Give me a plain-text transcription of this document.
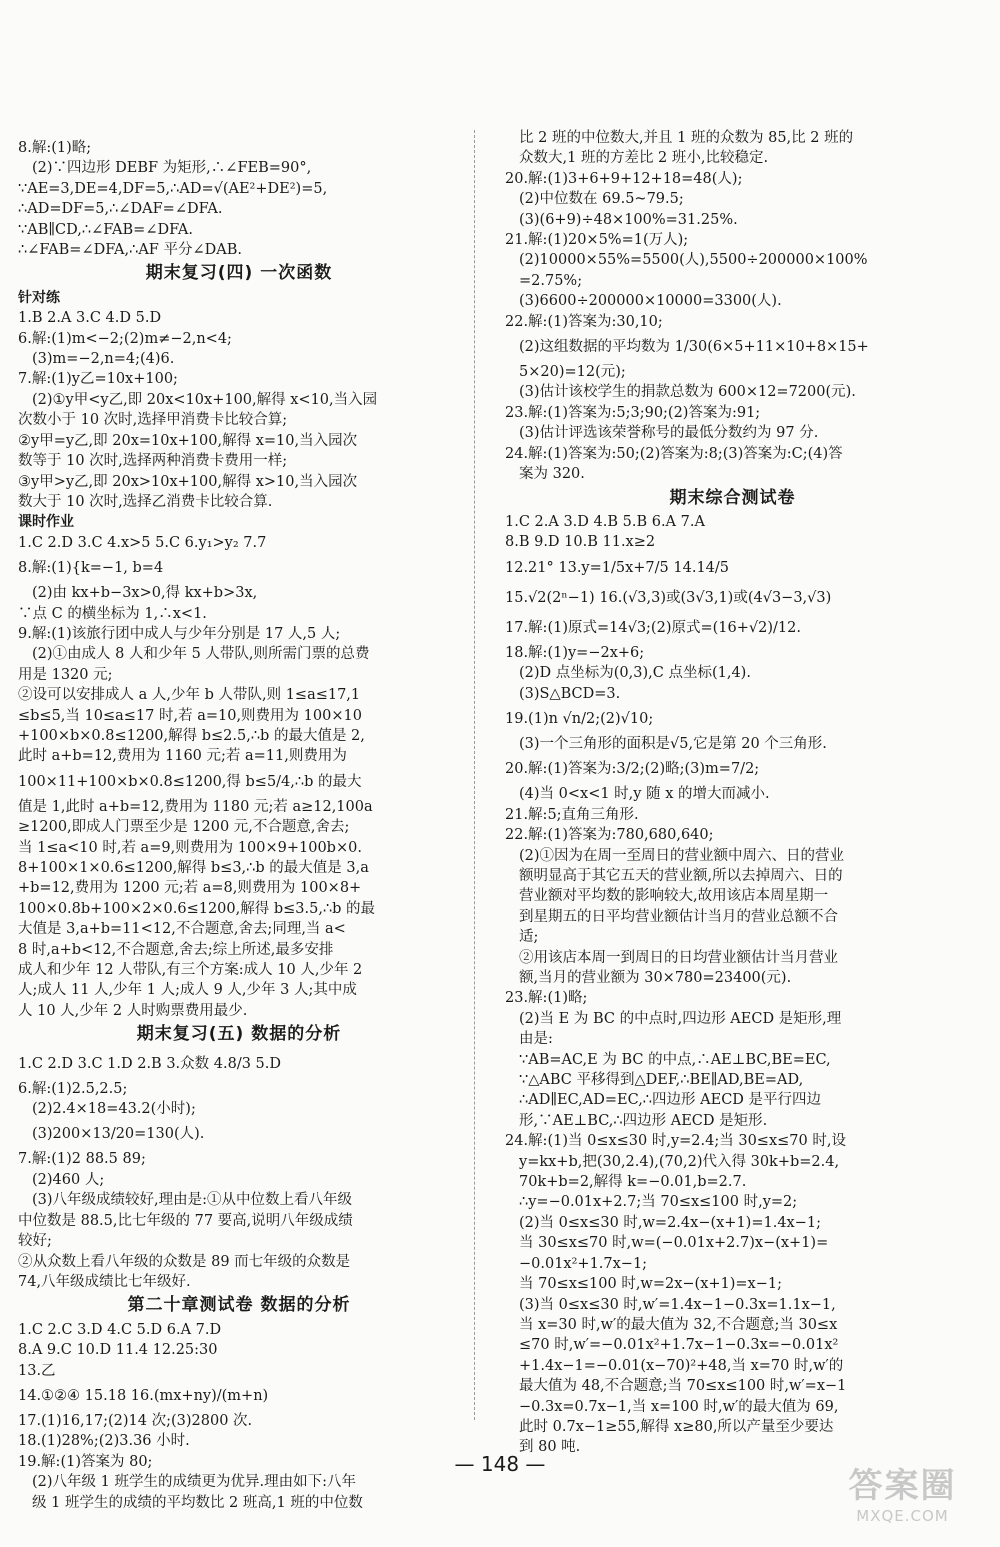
8.解:(1)略;
(2)∵四边形 DEBF 为矩形,∴∠FEB=90°,
∵AE=3,DE=4,DF=5,∴AD=√(AE²+DE²)=5,
∴AD=DF=5,∴∠DAF=∠DFA.
∵AB∥CD,∴∠FAB=∠DFA.
∴∠FAB=∠DFA,∴AF 平分∠DAB.
期末复习(四) 一次函数
针对练
1.B 2.A 3.C 4.D 5.D
6.解:(1)m<−2;(2)m≠−2,n<4;
(3)m=−2,n=4;(4)6.
7.解:(1)y乙=10x+100;
(2)①y甲<y乙,即 20x<10x+100,解得 x<10,当入园
次数小于 10 次时,选择甲消费卡比较合算;
②y甲=y乙,即 20x=10x+100,解得 x=10,当入园次
数等于 10 次时,选择两种消费卡费用一样;
③y甲>y乙,即 20x>10x+100,解得 x>10,当入园次
数大于 10 次时,选择乙消费卡比较合算.
课时作业
1.C 2.D 3.C 4.x>5 5.C 6.y₁>y₂ 7.7
8.解:(1){k=−1, b=4
(2)由 kx+b−3x>0,得 kx+b>3x,
∵点 C 的横坐标为 1,∴x<1.
9.解:(1)该旅行团中成人与少年分别是 17 人,5 人;
(2)①由成人 8 人和少年 5 人带队,则所需门票的总费
用是 1320 元;
②设可以安排成人 a 人,少年 b 人带队,则 1≤a≤17,1
≤b≤5,当 10≤a≤17 时,若 a=10,则费用为 100×10
+100×b×0.8≤1200,解得 b≤2.5,∴b 的最大值是 2,
此时 a+b=12,费用为 1160 元;若 a=11,则费用为
100×11+100×b×0.8≤1200,得 b≤5/4,∴b 的最大
值是 1,此时 a+b=12,费用为 1180 元;若 a≥12,100a
≥1200,即成人门票至少是 1200 元,不合题意,舍去;
当 1≤a<10 时,若 a=9,则费用为 100×9+100b×0.
8+100×1×0.6≤1200,解得 b≤3,∴b 的最大值是 3,a
+b=12,费用为 1200 元;若 a=8,则费用为 100×8+
100×0.8b+100×2×0.6≤1200,解得 b≤3.5,∴b 的最
大值是 3,a+b=11<12,不合题意,舍去;同理,当 a<
8 时,a+b<12,不合题意,舍去;综上所述,最多安排
成人和少年 12 人带队,有三个方案:成人 10 人,少年 2
人;成人 11 人,少年 1 人;成人 9 人,少年 3 人;其中成
人 10 人,少年 2 人时购票费用最少.
期末复习(五) 数据的分析
1.C 2.D 3.C 1.D 2.B 3.众数 4.8/3 5.D
6.解:(1)2.5,2.5;
(2)2.4×18=43.2(小时);
(3)200×13/20=130(人).
7.解:(1)2 88.5 89;
(2)460 人;
(3)八年级成绩较好,理由是:①从中位数上看八年级
中位数是 88.5,比七年级的 77 要高,说明八年级成绩
较好;
②从众数上看八年级的众数是 89 而七年级的众数是
74,八年级成绩比七年级好.
第二十章测试卷 数据的分析
1.C 2.C 3.D 4.C 5.D 6.A 7.D
8.A 9.C 10.D 11.4 12.25:30
13.乙
14.①②④ 15.18 16.(mx+ny)/(m+n)
17.(1)16,17;(2)14 次;(3)2800 次.
18.(1)28%;(2)3.36 小时.
19.解:(1)答案为 80;
(2)八年级 1 班学生的成绩更为优异.理由如下:八年
级 1 班学生的成绩的平均数比 2 班高,1 班的中位数
比 2 班的中位数大,并且 1 班的众数为 85,比 2 班的
众数大,1 班的方差比 2 班小,比较稳定.
20.解:(1)3+6+9+12+18=48(人);
(2)中位数在 69.5~79.5;
(3)(6+9)÷48×100%=31.25%.
21.解:(1)20×5%=1(万人);
(2)10000×55%=5500(人),5500÷200000×100%
=2.75%;
(3)6600÷200000×10000=3300(人).
22.解:(1)答案为:30,10;
(2)这组数据的平均数为 1/30(6×5+11×10+8×15+
5×20)=12(元);
(3)估计该校学生的捐款总数为 600×12=7200(元).
23.解:(1)答案为:5;3;90;(2)答案为:91;
(3)估计评选该荣誉称号的最低分数约为 97 分.
24.解:(1)答案为:50;(2)答案为:8;(3)答案为:C;(4)答
案为 320.
期末综合测试卷
1.C 2.A 3.D 4.B 5.B 6.A 7.A
8.B 9.D 10.B 11.x≥2
12.21° 13.y=1/5x+7/5 14.14/5
15.√2(2ⁿ−1) 16.(√3,3)或(3√3,1)或(4√3−3,√3)
17.解:(1)原式=14√3;(2)原式=(16+√2)/12.
18.解:(1)y=−2x+6;
(2)D 点坐标为(0,3),C 点坐标(1,4).
(3)S△BCD=3.
19.(1)n √n/2;(2)√10;
(3)一个三角形的面积是√5,它是第 20 个三角形.
20.解:(1)答案为:3/2;(2)略;(3)m=7/2;
(4)当 0<x<1 时,y 随 x 的增大而减小.
21.解:5;直角三角形.
22.解:(1)答案为:780,680,640;
(2)①因为在周一至周日的营业额中周六、日的营业
额明显高于其它五天的营业额,所以去掉周六、日的
营业额对平均数的影响较大,故用该店本周星期一
到星期五的日平均营业额估计当月的营业总额不合
适;
②用该店本周一到周日的日均营业额估计当月营业
额,当月的营业额为 30×780=23400(元).
23.解:(1)略;
(2)当 E 为 BC 的中点时,四边形 AECD 是矩形,理
由是:
∵AB=AC,E 为 BC 的中点,∴AE⊥BC,BE=EC,
∵△ABC 平移得到△DEF,∴BE∥AD,BE=AD,
∴AD∥EC,AD=EC,∴四边形 AECD 是平行四边
形,∵AE⊥BC,∴四边形 AECD 是矩形.
24.解:(1)当 0≤x≤30 时,y=2.4;当 30≤x≤70 时,设
y=kx+b,把(30,2.4),(70,2)代入得 30k+b=2.4,
70k+b=2,解得 k=−0.01,b=2.7.
∴y=−0.01x+2.7;当 70≤x≤100 时,y=2;
(2)当 0≤x≤30 时,w=2.4x−(x+1)=1.4x−1;
当 30≤x≤70 时,w=(−0.01x+2.7)x−(x+1)=
−0.01x²+1.7x−1;
当 70≤x≤100 时,w=2x−(x+1)=x−1;
(3)当 0≤x≤30 时,w′=1.4x−1−0.3x=1.1x−1,
当 x=30 时,w′的最大值为 32,不合题意;当 30≤x
≤70 时,w′=−0.01x²+1.7x−1−0.3x=−0.01x²
+1.4x−1=−0.01(x−70)²+48,当 x=70 时,w′的
最大值为 48,不合题意;当 70≤x≤100 时,w′=x−1
−0.3x=0.7x−1,当 x=100 时,w′的最大值为 69,
此时 0.7x−1≥55,解得 x≥80,所以产量至少要达
到 80 吨.
— 148 —
答案圈
MXQE.COM
